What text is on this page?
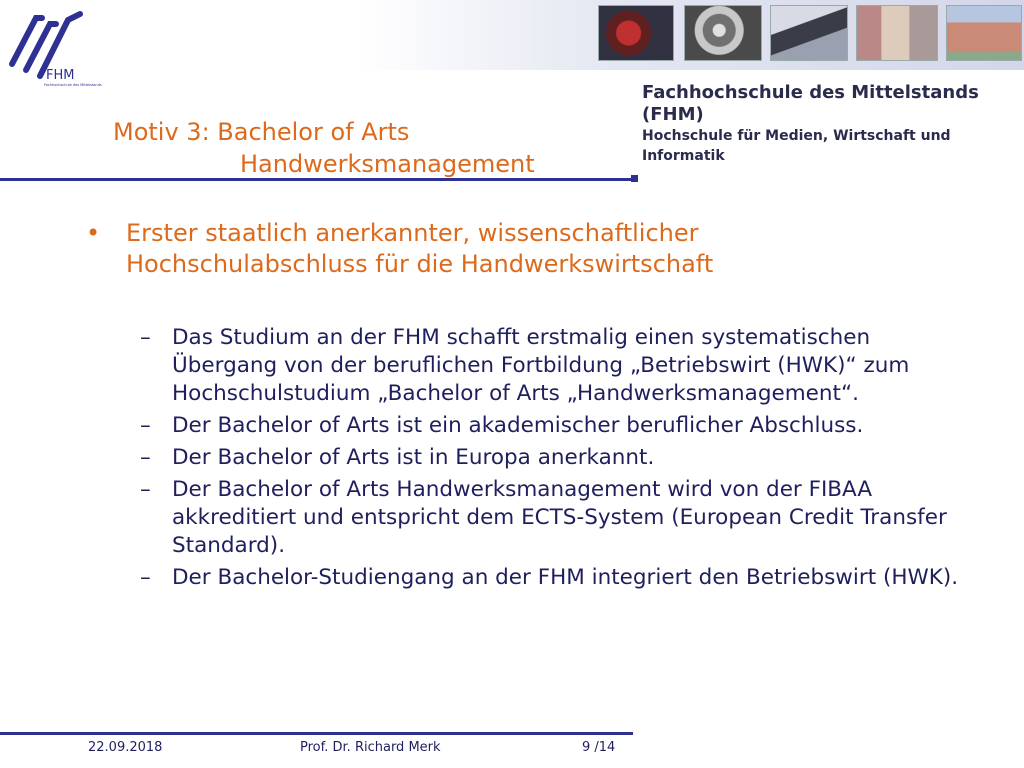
FHM
Fachhochschule des Mittelstands	Fachhochschule des Mittelstands (FHM)
Hochschule für Medien, Wirtschaft und Informatik
Motiv 3: Bachelor of Arts
Handwerksmanagement
• Erster staatlich anerkannter, wissenschaftlicher Hochschulabschluss für die Handwerkswirtschaft
– Das Studium an der FHM schafft erstmalig einen systematischen Übergang von der beruflichen Fortbildung „Betriebswirt (HWK)“ zum Hochschulstudium „Bachelor of Arts „Handwerksmanagement“.
– Der Bachelor of Arts ist ein akademischer beruflicher Abschluss.
– Der Bachelor of Arts ist in Europa anerkannt.
– Der Bachelor of Arts Handwerksmanagement wird von der FIBAA akkreditiert und entspricht dem ECTS-System (European Credit Transfer Standard).
– Der Bachelor-Studiengang an der FHM integriert den Betriebswirt (HWK).
22.09.2018	Prof. Dr. Richard Merk	9 /14
